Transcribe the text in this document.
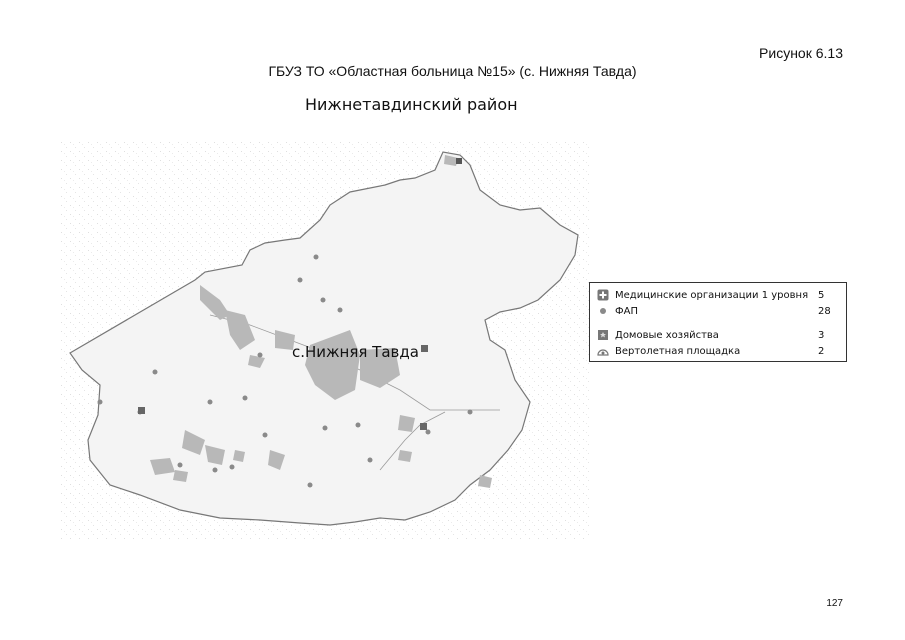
Рисунок 6.13
ГБУЗ ТО «Областная больница №15» (с. Нижняя Тавда)
Нижнетавдинский район
с.Нижняя Тавда
Медицинские организации 1 уровня 5
ФАП	28
Домовые хозяйства	3
Вертолетная площадка	2
127
